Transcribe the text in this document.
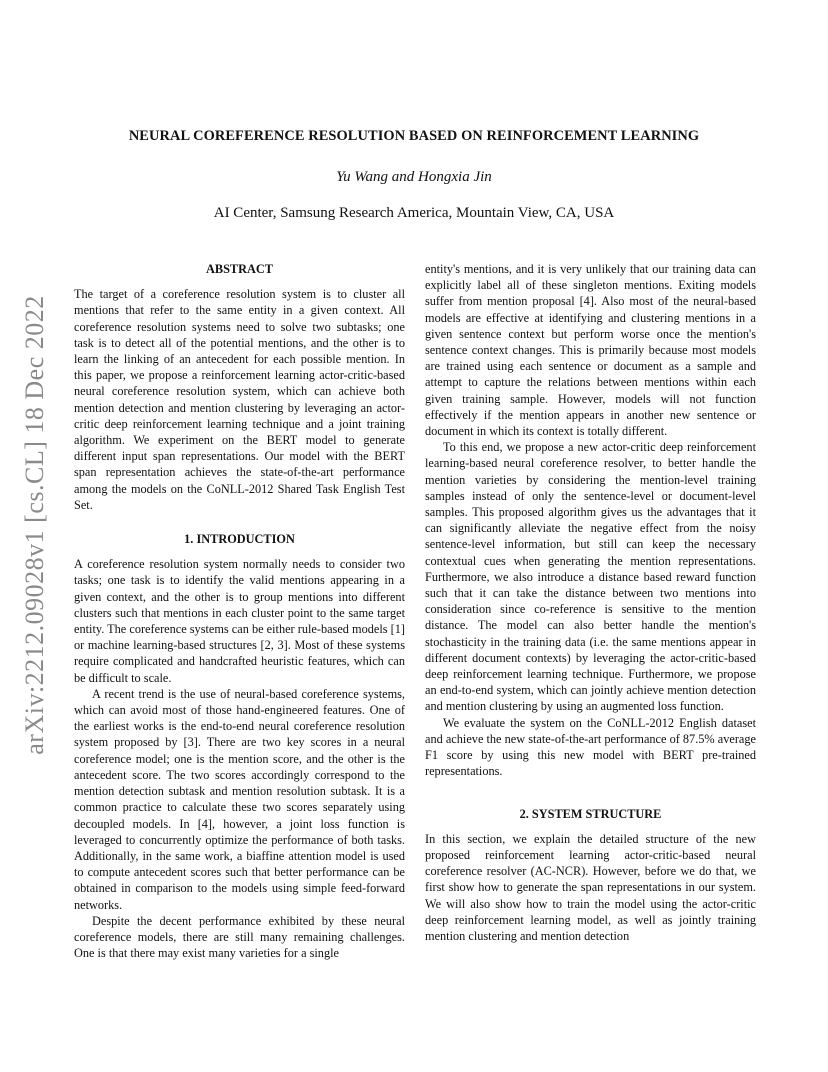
arXiv:2212.09028v1 [cs.CL] 18 Dec 2022
NEURAL COREFERENCE RESOLUTION BASED ON REINFORCEMENT LEARNING
Yu Wang and Hongxia Jin
AI Center, Samsung Research America, Mountain View, CA, USA
ABSTRACT

The target of a coreference resolution system is to cluster all mentions that refer to the same entity in a given context. All coreference resolution systems need to solve two subtasks; one task is to detect all of the potential mentions, and the other is to learn the linking of an antecedent for each possible mention. In this paper, we propose a reinforcement learning actor-critic-based neural coreference resolution system, which can achieve both mention detection and mention clustering by leveraging an actor-critic deep reinforcement learning technique and a joint training algorithm. We experiment on the BERT model to generate different input span representations. Our model with the BERT span representation achieves the state-of-the-art performance among the models on the CoNLL-2012 Shared Task English Test Set.

1. INTRODUCTION

A coreference resolution system normally needs to consider two tasks; one task is to identify the valid mentions appearing in a given context, and the other is to group mentions into different clusters such that mentions in each cluster point to the same target entity. The coreference systems can be either rule-based models [1] or machine learning-based structures [2, 3]. Most of these systems require complicated and handcrafted heuristic features, which can be difficult to scale.

A recent trend is the use of neural-based coreference systems, which can avoid most of those hand-engineered features. One of the earliest works is the end-to-end neural coreference resolution system proposed by [3]. There are two key scores in a neural coreference model; one is the mention score, and the other is the antecedent score. The two scores accordingly correspond to the mention detection subtask and mention resolution subtask. It is a common practice to calculate these two scores separately using decoupled models. In [4], however, a joint loss function is leveraged to concurrently optimize the performance of both tasks. Additionally, in the same work, a biaffine attention model is used to compute antecedent scores such that better performance can be obtained in comparison to the models using simple feed-forward networks.

Despite the decent performance exhibited by these neural coreference models, there are still many remaining challenges. One is that there may exist many varieties for a single

entity's mentions, and it is very unlikely that our training data can explicitly label all of these singleton mentions. Exiting models suffer from mention proposal [4]. Also most of the neural-based models are effective at identifying and clustering mentions in a given sentence context but perform worse once the mention's sentence context changes. This is primarily because most models are trained using each sentence or document as a sample and attempt to capture the relations between mentions within each given training sample. However, models will not function effectively if the mention appears in another new sentence or document in which its context is totally different.

To this end, we propose a new actor-critic deep reinforcement learning-based neural coreference resolver, to better handle the mention varieties by considering the mention-level training samples instead of only the sentence-level or document-level samples. This proposed algorithm gives us the advantages that it can significantly alleviate the negative effect from the noisy sentence-level information, but still can keep the necessary contextual cues when generating the mention representations. Furthermore, we also introduce a distance based reward function such that it can take the distance between two mentions into consideration since co-reference is sensitive to the mention distance. The model can also better handle the mention's stochasticity in the training data (i.e. the same mentions appear in different document contexts) by leveraging the actor-critic-based deep reinforcement learning technique. Furthermore, we propose an end-to-end system, which can jointly achieve mention detection and mention clustering by using an augmented loss function.

We evaluate the system on the CoNLL-2012 English dataset and achieve the new state-of-the-art performance of 87.5% average F1 score by using this new model with BERT pre-trained representations.

2. SYSTEM STRUCTURE

In this section, we explain the detailed structure of the new proposed reinforcement learning actor-critic-based neural coreference resolver (AC-NCR). However, before we do that, we first show how to generate the span representations in our system. We will also show how to train the model using the actor-critic deep reinforcement learning model, as well as jointly training mention clustering and mention detection
